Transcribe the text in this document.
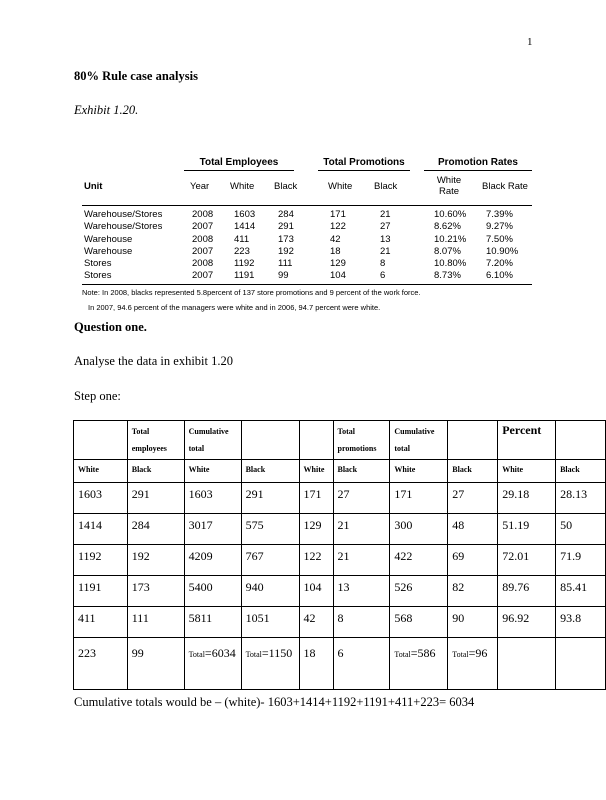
1
80% Rule case analysis
Exhibit 1.20.
Total Employees	Total Promotions	Promotion Rates
Unit	Year White Black	White Black
White Rate	Black Rate
Warehouse/Stores	2008 1603 284	171	21	10.60% 7.39%
Warehouse/Stores	2007 1414 291	122	27	8.62%	9.27%
Warehouse	2008 411	173	42	13	10.21% 7.50%
Warehouse	2007 223	192	18	21	8.07%	10.90%
Stores	2008 1192 111	129	8	10.80% 7.20%
Stores	2007 1191 99	104	6	8.73%	6.10%
Note: In 2008, blacks represented 5.8percent of 137 store promotions and 9 percent of the work force.
In 2007, 94.6 percent of the managers were white and in 2006, 94.7 percent were white.
Question one.
Analyse the data in exhibit 1.20
Step one:
	Total employees	Cumulative total			Total promotions	Cumulative total		Percent	
White	Black	White	Black	White	Black	White	Black	White	Black
1603	291	1603	291	171	27	171	27	29.18	28.13
1414	284	3017	575	129	21	300	48	51.19	50
1192	192	4209	767	122	21	422	69	72.01	71.9
1191	173	5400	940	104	13	526	82	89.76	85.41
411	111	5811	1051	42	8	568	90	96.92	93.8
223	99	Total=6034	Total=1150	18	6	Total=586	Total=96		
Cumulative totals would be – (white)- 1603+1414+1192+1191+411+223= 6034
